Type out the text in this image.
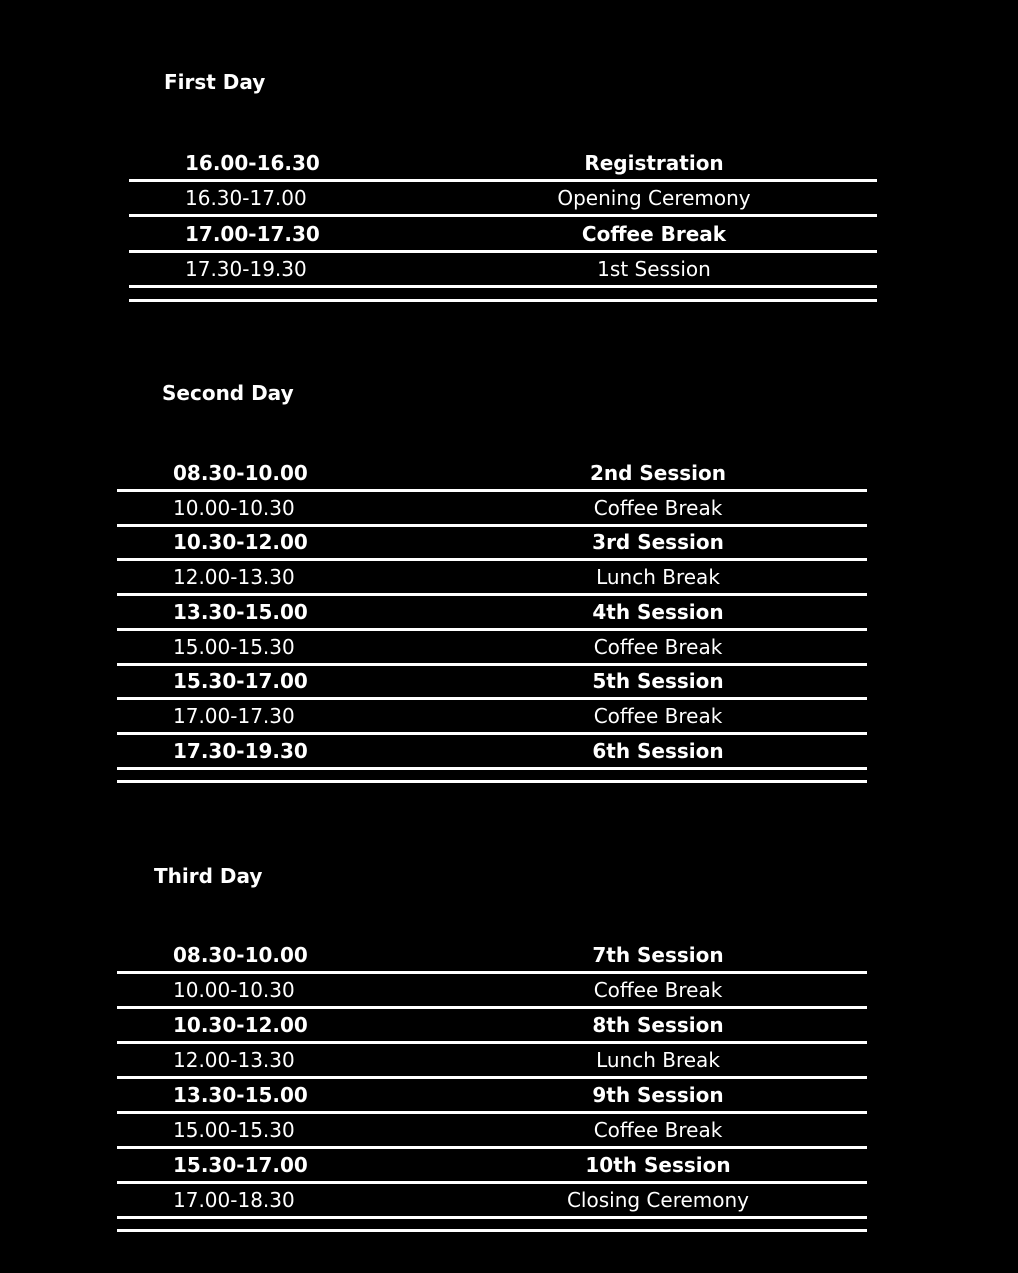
First Day
16.00-16.30	Registration
16.30-17.00	Opening Ceremony
17.00-17.30	Coffee Break
17.30-19.30	1st Session
Second Day
08.30-10.00	2nd Session
10.00-10.30	Coffee Break
10.30-12.00	3rd Session
12.00-13.30	Lunch Break
13.30-15.00	4th Session
15.00-15.30	Coffee Break
15.30-17.00	5th Session
17.00-17.30	Coffee Break
17.30-19.30	6th Session
Third Day
08.30-10.00	7th Session
10.00-10.30	Coffee Break
10.30-12.00	8th Session
12.00-13.30	Lunch Break
13.30-15.00	9th Session
15.00-15.30	Coffee Break
15.30-17.00	10th Session
17.00-18.30	Closing Ceremony
